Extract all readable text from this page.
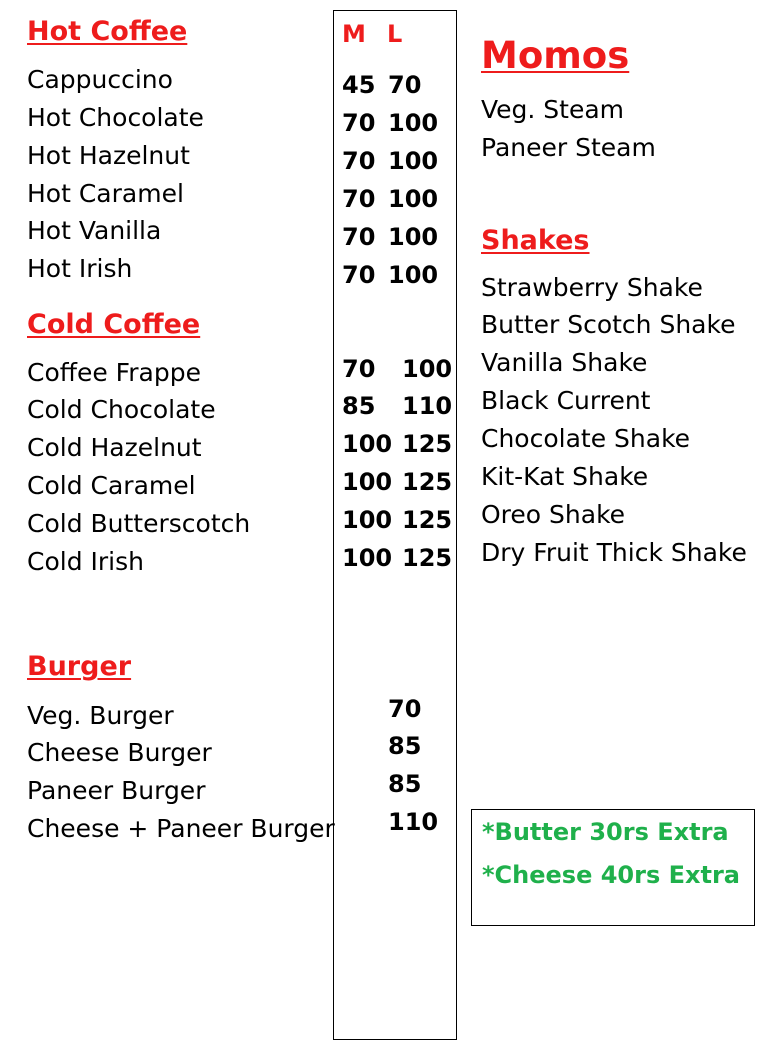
Hot Coffee	M L
Cappuccino
Hot Chocolate
Hot Hazelnut
Hot Caramel
Hot Vanilla
Hot Irish
45 70
70 100
70 100
70 100
70 100
70 100
Cold Coffee
Coffee Frappe
Cold Chocolate
Cold Hazelnut
Cold Caramel
Cold Butterscotch
Cold Irish
70 100
85 110
100 125
100 125
100 125
100 125
Burger
Veg. Burger
Cheese Burger
Paneer Burger
Cheese + Paneer Burger
70
85
85
110
Momos
Veg. Steam
Paneer Steam
Shakes
Strawberry Shake
Butter Scotch Shake
Vanilla Shake
Black Current
Chocolate Shake
Kit-Kat Shake
Oreo Shake
Dry Fruit Thick Shake
*Butter 30rs Extra
*Cheese 40rs Extra
